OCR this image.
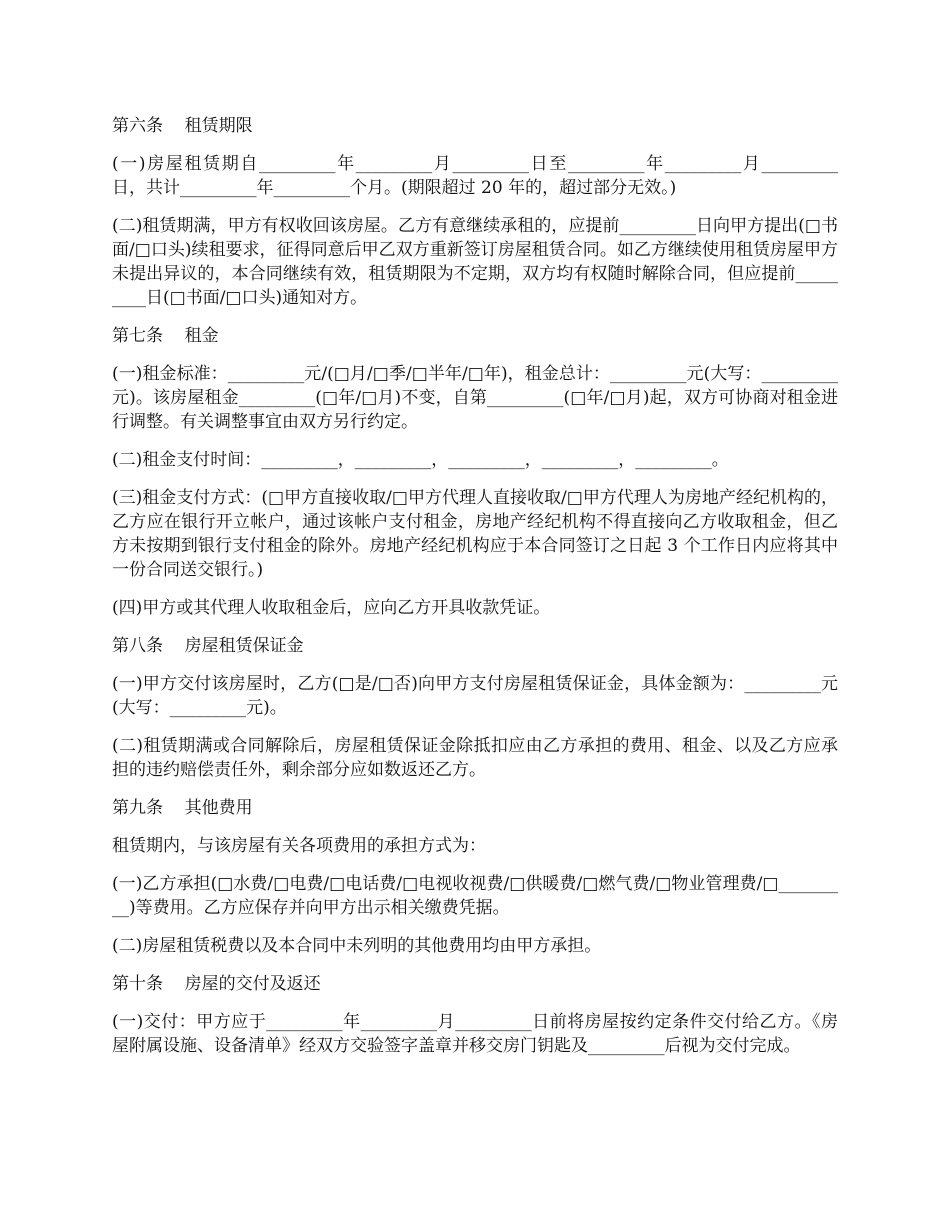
第六条    租赁期限
(一)房屋租赁期自_________年_________月_________日至_________年_________月_________日，共计_________年_________个月。(期限超过 20 年的，超过部分无效。)
(二)租赁期满，甲方有权收回该房屋。乙方有意继续承租的，应提前_________日向甲方提出(□书面/□口头)续租要求，征得同意后甲乙双方重新签订房屋租赁合同。如乙方继续使用租赁房屋甲方未提出异议的，本合同继续有效，租赁期限为不定期，双方均有权随时解除合同，但应提前_________日(□书面/□口头)通知对方。
第七条    租金
(一)租金标准：_________元/(□月/□季/□半年/□年)，租金总计：_________元(大写：_________元)。该房屋租金_________(□年/□月)不变，自第_________(□年/□月)起，双方可协商对租金进行调整。有关调整事宜由双方另行约定。
(二)租金支付时间：_________，_________，_________，_________，_________。
(三)租金支付方式：(□甲方直接收取/□甲方代理人直接收取/□甲方代理人为房地产经纪机构的，乙方应在银行开立帐户，通过该帐户支付租金，房地产经纪机构不得直接向乙方收取租金，但乙方未按期到银行支付租金的除外。房地产经纪机构应于本合同签订之日起 3 个工作日内应将其中一份合同送交银行。)
(四)甲方或其代理人收取租金后，应向乙方开具收款凭证。
第八条    房屋租赁保证金
(一)甲方交付该房屋时，乙方(□是/□否)向甲方支付房屋租赁保证金，具体金额为：_________元(大写：_________元)。
(二)租赁期满或合同解除后，房屋租赁保证金除抵扣应由乙方承担的费用、租金、以及乙方应承担的违约赔偿责任外，剩余部分应如数返还乙方。
第九条    其他费用
租赁期内，与该房屋有关各项费用的承担方式为：
(一)乙方承担(□水费/□电费/□电话费/□电视收视费/□供暖费/□燃气费/□物业管理费/□_________)等费用。乙方应保存并向甲方出示相关缴费凭据。
(二)房屋租赁税费以及本合同中未列明的其他费用均由甲方承担。
第十条    房屋的交付及返还
(一)交付：甲方应于_________年_________月_________日前将房屋按约定条件交付给乙方。《房屋附属设施、设备清单》经双方交验签字盖章并移交房门钥匙及_________后视为交付完成。
